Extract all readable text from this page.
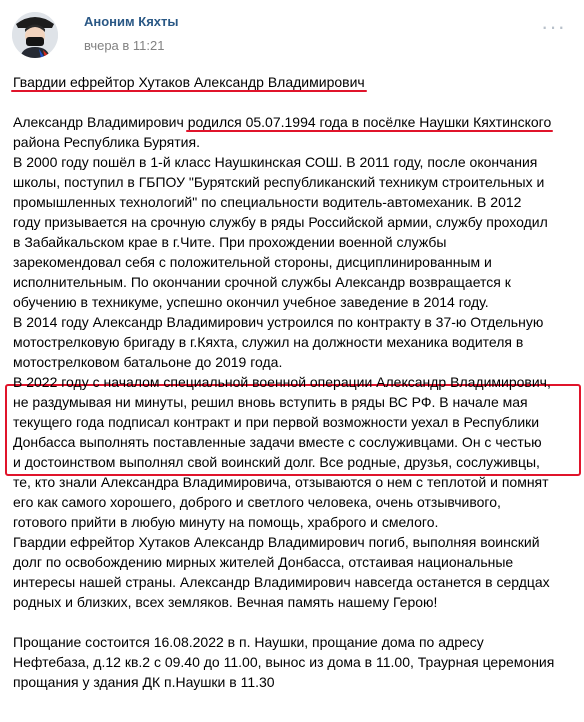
Аноним Кяхты
вчера в 11:21
···

Гвардии ефрейтор Хутаков Александр Владимирович

Александр Владимирович родился 05.07.1994 года в посёлке Наушки Кяхтинского

района Республика Бурятия.

В 2000 году пошёл в 1-й класс Наушкинская СОШ. В 2011 году, после окончания

школы, поступил в ГБПОУ "Бурятский республиканский техникум строительных и

промышленных технологий" по специальности водитель-автомеханик. В 2012

году призывается на срочную службу в ряды Российской армии, службу проходил

в Забайкальском крае в г.Чите. При прохождении военной службы

зарекомендовал себя с положительной стороны, дисциплинированным и

исполнительным. По окончании срочной службы Александр возвращается к

обучению в техникуме, успешно окончил учебное заведение в 2014 году.

В 2014 году Александр Владимирович устроился по контракту в 37-ю Отдельную

мотострелковую бригаду в г.Кяхта, служил на должности механика водителя в

мотострелковом батальоне до 2019 года.

В 2022 году с началом специальной военной операции Александр Владимирович,

не раздумывая ни минуты, решил вновь вступить в ряды ВС РФ. В начале мая

текущего года подписал контракт и при первой возможности уехал в Республики

Донбасса выполнять поставленные задачи вместе с сослуживцами. Он с честью

и достоинством выполнял свой воинский долг. Все родные, друзья, сослуживцы,

те, кто знали Александра Владимировича, отзываются о нем с теплотой и помнят

его как самого хорошего, доброго и светлого человека, очень отзывчивого,

готового прийти в любую минуту на помощь, храброго и смелого.

Гвардии ефрейтор Хутаков Александр Владимирович погиб, выполняя воинский

долг по освобождению мирных жителей Донбасса, отстаивая национальные

интересы нашей страны. Александр Владимирович навсегда останется в сердцах

родных и близких, всех земляков. Вечная память нашему Герою!

Прощание состоится 16.08.2022 в п. Наушки, прощание дома по адресу

Нефтебаза, д.12 кв.2 с 09.40 до 11.00, вынос из дома в 11.00, Траурная церемония

прощания у здания ДК п.Наушки в 11.30
